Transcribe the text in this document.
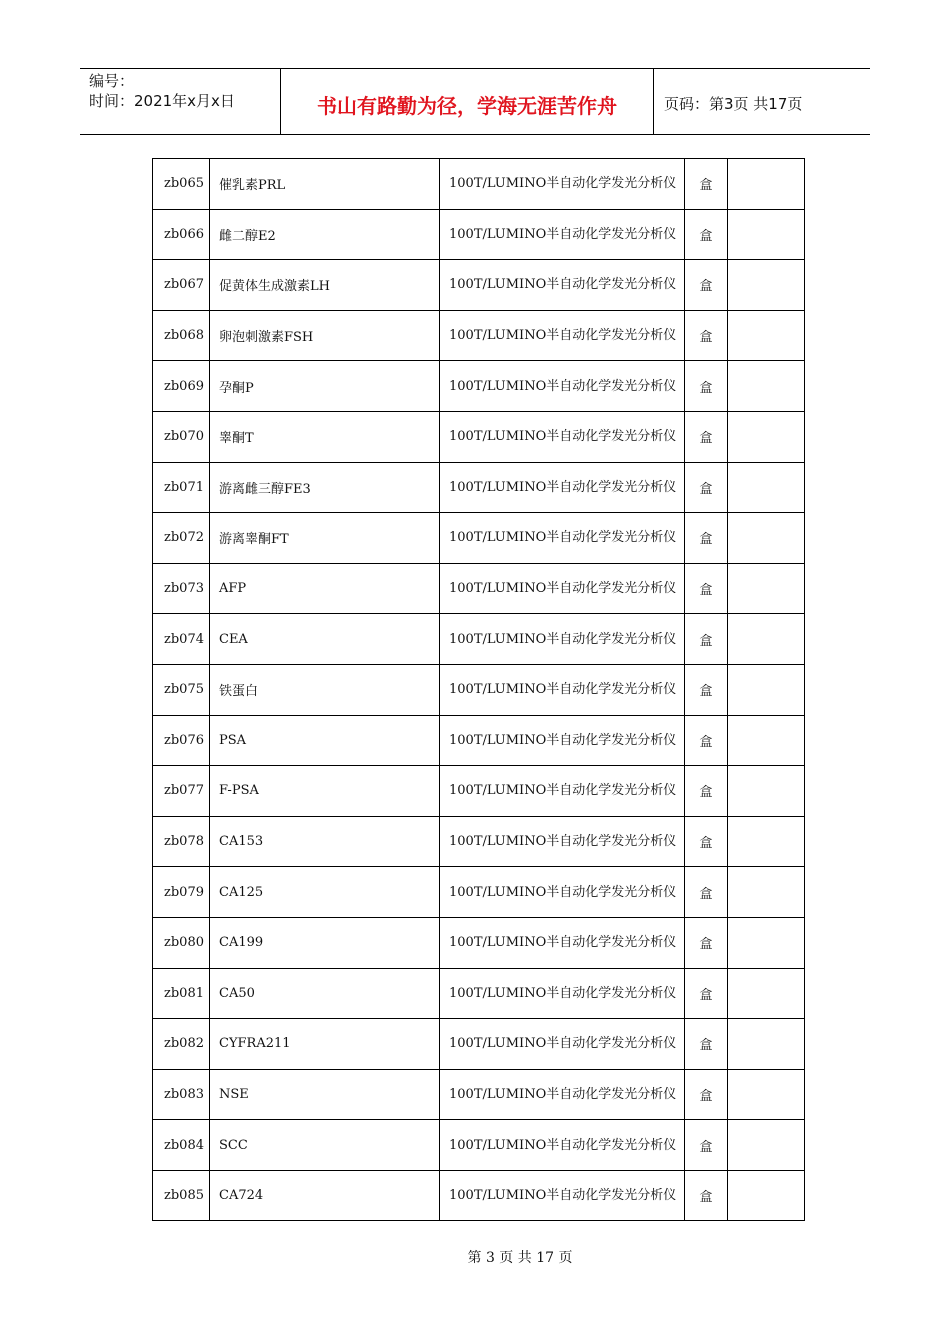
编号：
时间：2021年x月x日	书山有路勤为径，学海无涯苦作舟	页码：第3页 共17页
zb065	催乳素PRL	100T/LUMINO半自动化学发光分析仪	盒	
zb066	雌二醇E2	100T/LUMINO半自动化学发光分析仪	盒	
zb067	促黄体生成激素LH	100T/LUMINO半自动化学发光分析仪	盒	
zb068	卵泡刺激素FSH	100T/LUMINO半自动化学发光分析仪	盒	
zb069	孕酮P	100T/LUMINO半自动化学发光分析仪	盒	
zb070	睾酮T	100T/LUMINO半自动化学发光分析仪	盒	
zb071	游离雌三醇FE3	100T/LUMINO半自动化学发光分析仪	盒	
zb072	游离睾酮FT	100T/LUMINO半自动化学发光分析仪	盒	
zb073	AFP	100T/LUMINO半自动化学发光分析仪	盒	
zb074	CEA	100T/LUMINO半自动化学发光分析仪	盒	
zb075	铁蛋白	100T/LUMINO半自动化学发光分析仪	盒	
zb076	PSA	100T/LUMINO半自动化学发光分析仪	盒	
zb077	F-PSA	100T/LUMINO半自动化学发光分析仪	盒	
zb078	CA153	100T/LUMINO半自动化学发光分析仪	盒	
zb079	CA125	100T/LUMINO半自动化学发光分析仪	盒	
zb080	CA199	100T/LUMINO半自动化学发光分析仪	盒	
zb081	CA50	100T/LUMINO半自动化学发光分析仪	盒	
zb082	CYFRA211	100T/LUMINO半自动化学发光分析仪	盒	
zb083	NSE	100T/LUMINO半自动化学发光分析仪	盒	
zb084	SCC	100T/LUMINO半自动化学发光分析仪	盒	
zb085	CA724	100T/LUMINO半自动化学发光分析仪	盒	
第 3 页 共 17 页
